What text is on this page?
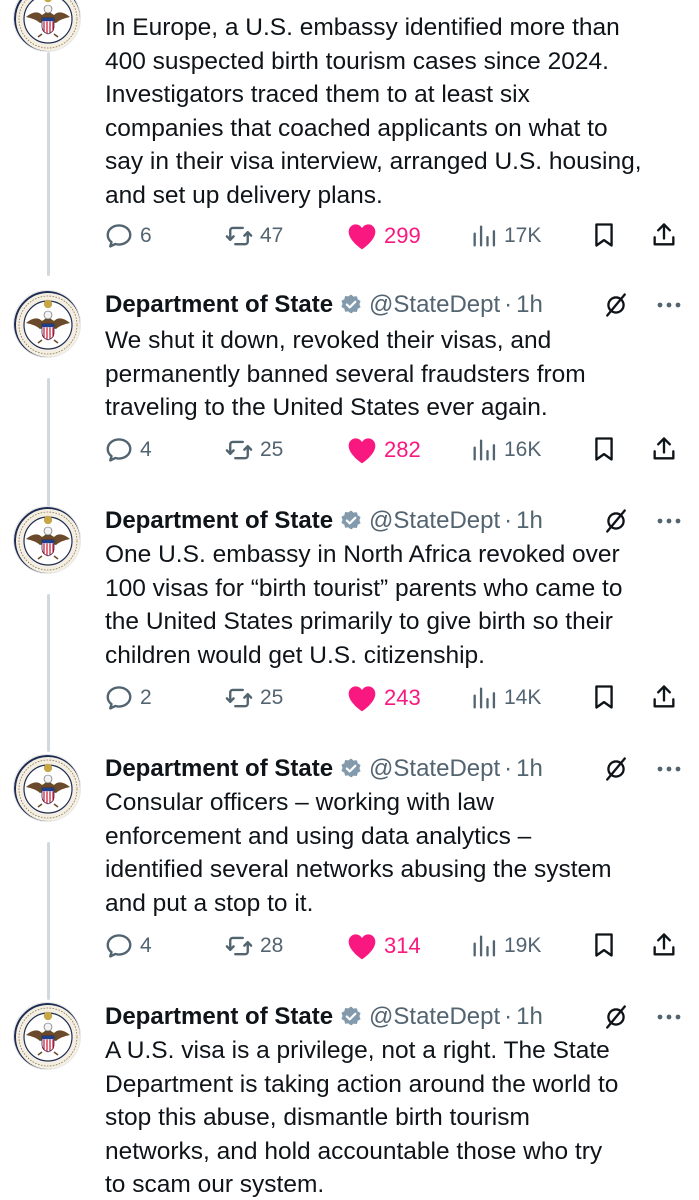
In Europe, a U.S. embassy identified more than
400 suspected birth tourism cases since 2024.
Investigators traced them to at least six
companies that coached applicants on what to
say in their visa interview, arranged U.S. housing,
and set up delivery plans.
6	47	299	17K
Department of State @StateDept · 1h
We shut it down, revoked their visas, and
permanently banned several fraudsters from
traveling to the United States ever again.
4	25	282	16K
Department of State @StateDept · 1h
One U.S. embassy in North Africa revoked over
100 visas for “birth tourist” parents who came to
the United States primarily to give birth so their
children would get U.S. citizenship.
2	25	243	14K
Department of State @StateDept · 1h
Consular officers – working with law
enforcement and using data analytics –
identified several networks abusing the system
and put a stop to it.
4	28	314	19K
Department of State @StateDept · 1h
A U.S. visa is a privilege, not a right. The State
Department is taking action around the world to
stop this abuse, dismantle birth tourism
networks, and hold accountable those who try
to scam our system.
